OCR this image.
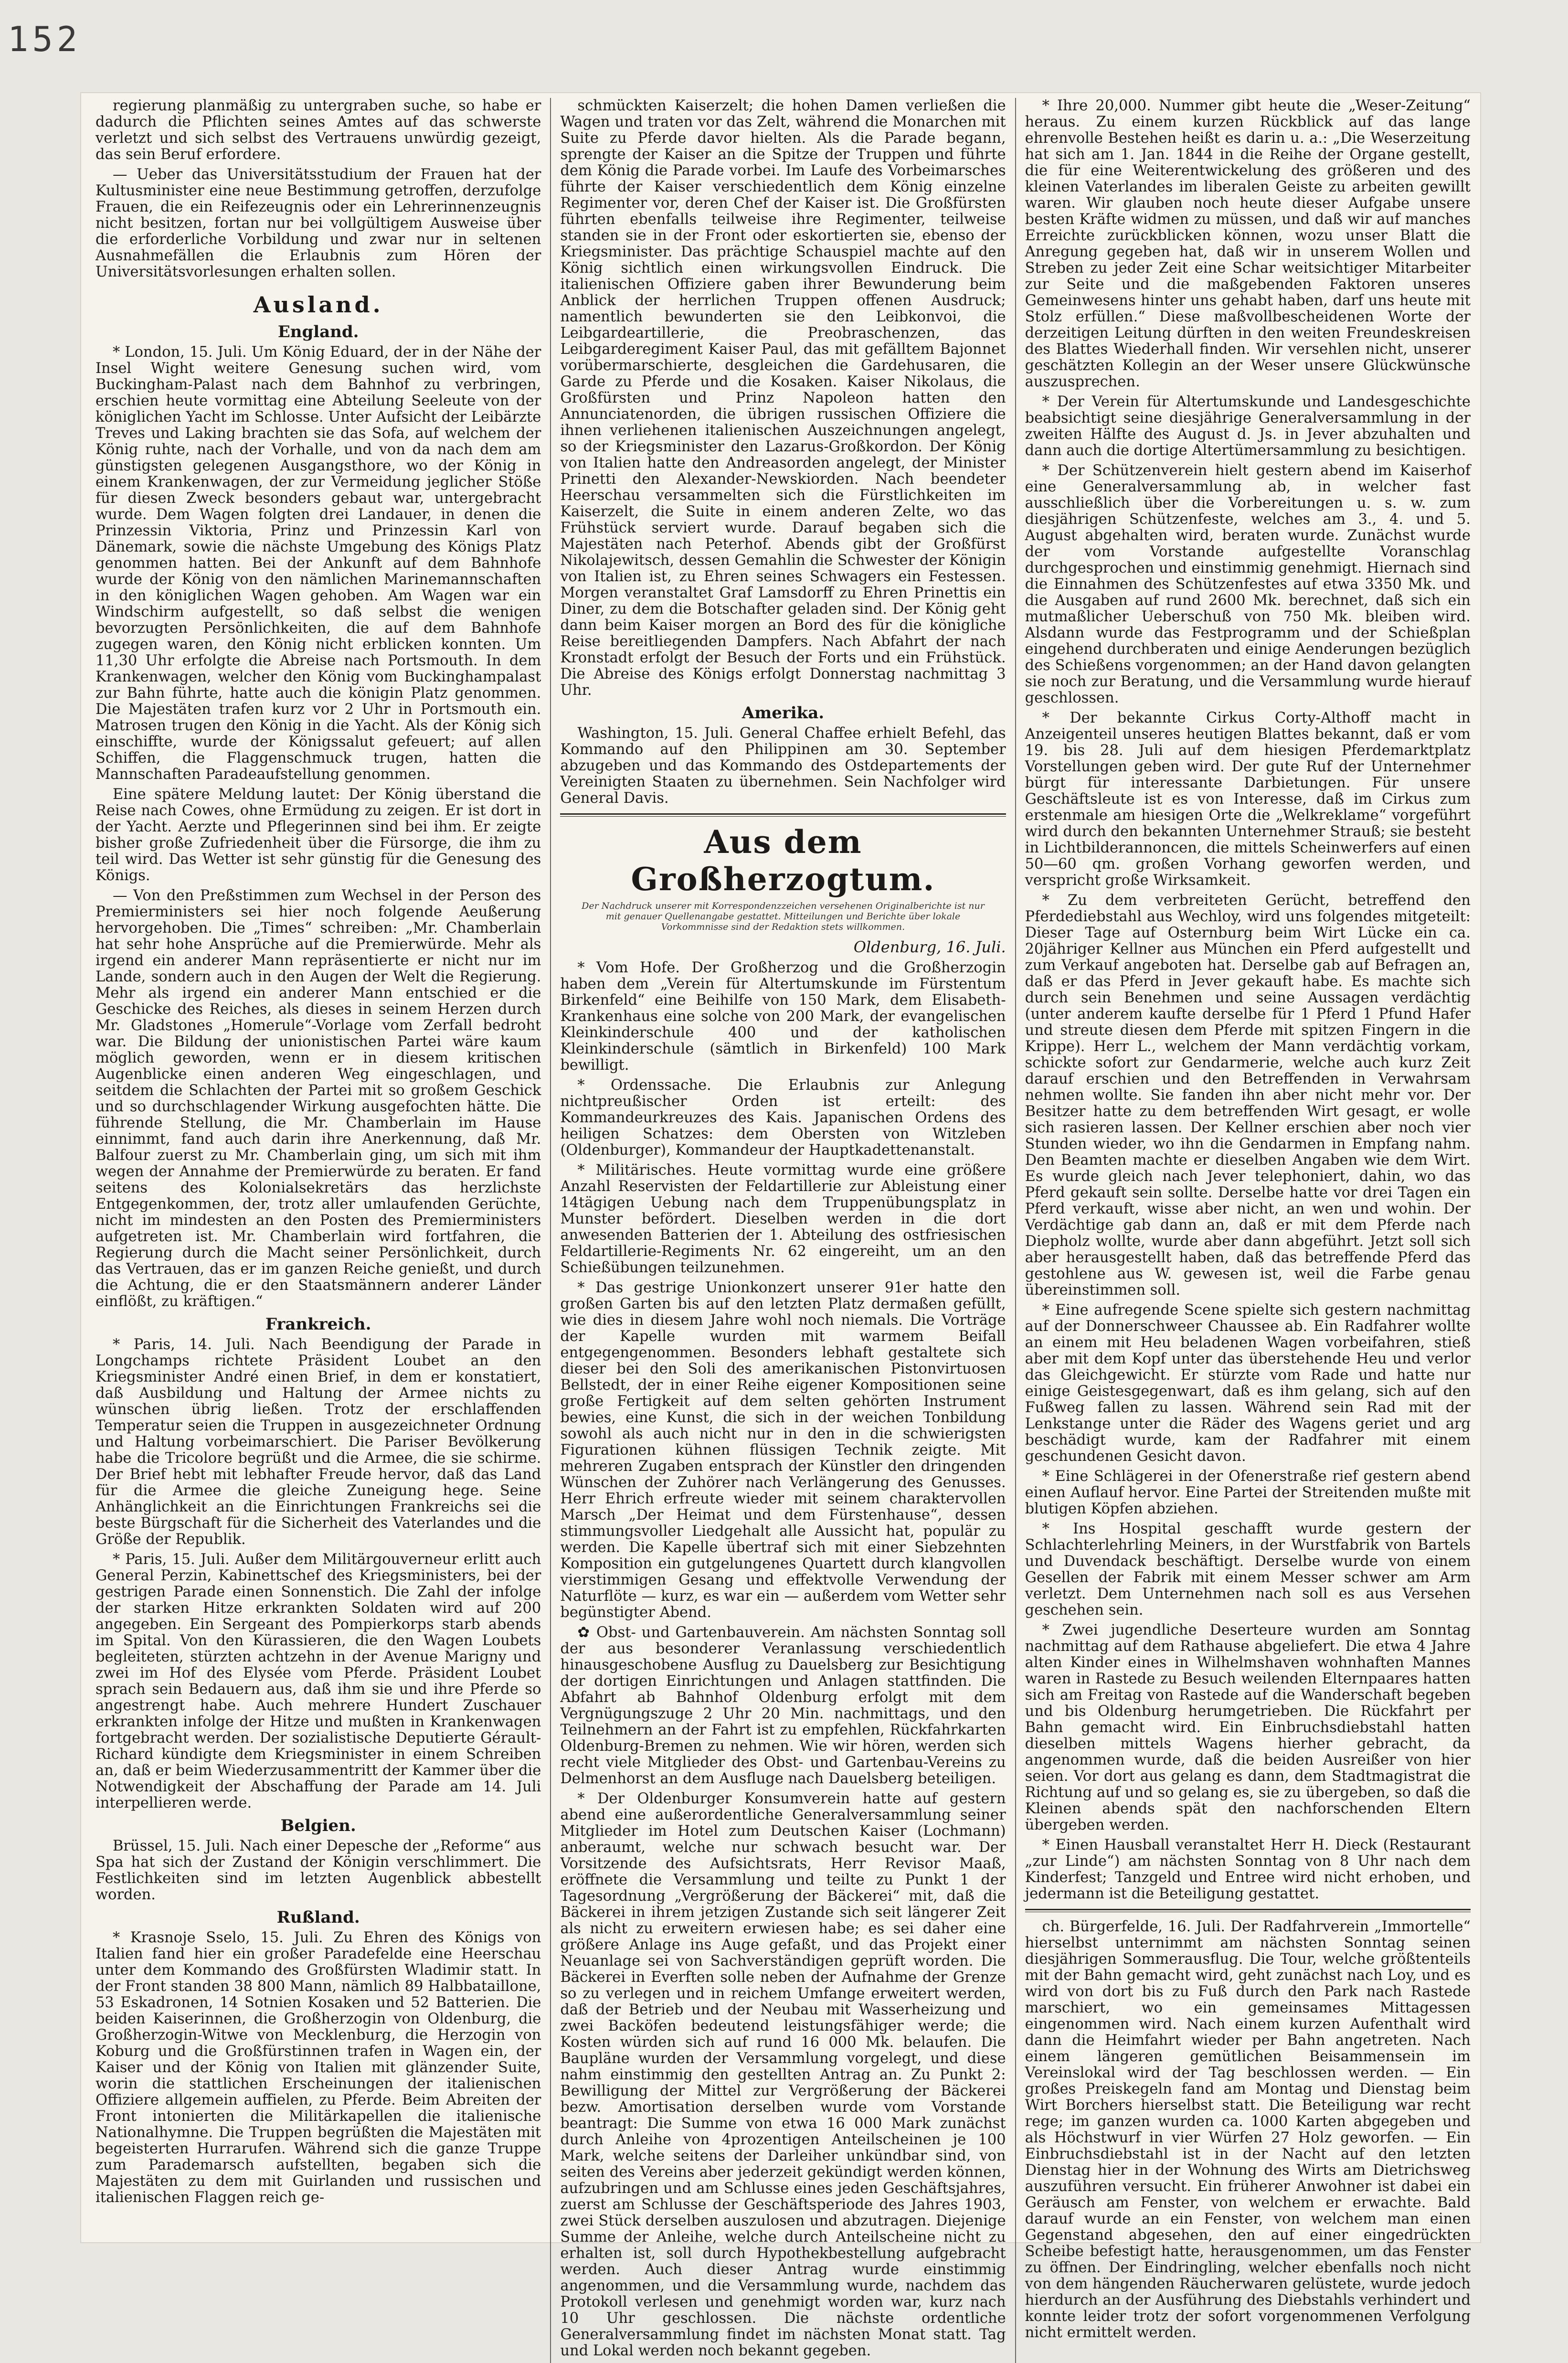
152

regierung planmäßig zu untergraben suche, so habe er dadurch die Pflichten seines Amtes auf das schwerste verletzt und sich selbst des Vertrauens unwürdig gezeigt, das sein Beruf erfordere.

— Ueber das Universitätsstudium der Frauen hat der Kultusminister eine neue Bestimmung getroffen, derzufolge Frauen, die ein Reifezeugnis oder ein Lehrerinnenzeugnis nicht besitzen, fortan nur bei vollgültigem Ausweise über die erforderliche Vorbildung und zwar nur in seltenen Ausnahmefällen die Erlaubnis zum Hören der Universitätsvorlesungen erhalten sollen.

Ausland.
England.

* London, 15. Juli. Um König Eduard, der in der Nähe der Insel Wight weitere Genesung suchen wird, vom Buckingham-Palast nach dem Bahnhof zu verbringen, erschien heute vormittag eine Abteilung Seeleute von der königlichen Yacht im Schlosse. Unter Aufsicht der Leibärzte Treves und Laking brachten sie das Sofa, auf welchem der König ruhte, nach der Vorhalle, und von da nach dem am günstigsten gelegenen Ausgangsthore, wo der König in einem Krankenwagen, der zur Vermeidung jeglicher Stöße für diesen Zweck besonders gebaut war, untergebracht wurde. Dem Wagen folgten drei Landauer, in denen die Prinzessin Viktoria, Prinz und Prinzessin Karl von Dänemark, sowie die nächste Umgebung des Königs Platz genommen hatten. Bei der Ankunft auf dem Bahnhofe wurde der König von den nämlichen Marinemannschaften in den königlichen Wagen gehoben. Am Wagen war ein Windschirm aufgestellt, so daß selbst die wenigen bevorzugten Persönlichkeiten, die auf dem Bahnhofe zugegen waren, den König nicht erblicken konnten. Um 11,30 Uhr erfolgte die Abreise nach Portsmouth. In dem Krankenwagen, welcher den König vom Buckinghampalast zur Bahn führte, hatte auch die königin Platz genommen. Die Majestäten trafen kurz vor 2 Uhr in Portsmouth ein. Matrosen trugen den König in die Yacht. Als der König sich einschiffte, wurde der Königssalut gefeuert; auf allen Schiffen, die Flaggenschmuck trugen, hatten die Mannschaften Paradeaufstellung genommen.

Eine spätere Meldung lautet: Der König überstand die Reise nach Cowes, ohne Ermüdung zu zeigen. Er ist dort in der Yacht. Aerzte und Pflegerinnen sind bei ihm. Er zeigte bisher große Zufriedenheit über die Fürsorge, die ihm zu teil wird. Das Wetter ist sehr günstig für die Genesung des Königs.

— Von den Preßstimmen zum Wechsel in der Person des Premierministers sei hier noch folgende Aeußerung hervorgehoben. Die „Times“ schreiben: „Mr. Chamberlain hat sehr hohe Ansprüche auf die Premierwürde. Mehr als irgend ein anderer Mann repräsentierte er nicht nur im Lande, sondern auch in den Augen der Welt die Regierung. Mehr als irgend ein anderer Mann entschied er die Geschicke des Reiches, als dieses in seinem Herzen durch Mr. Gladstones „Homerule“-Vorlage vom Zerfall bedroht war. Die Bildung der unionistischen Partei wäre kaum möglich geworden, wenn er in diesem kritischen Augenblicke einen anderen Weg eingeschlagen, und seitdem die Schlachten der Partei mit so großem Geschick und so durchschlagender Wirkung ausgefochten hätte. Die führende Stellung, die Mr. Chamberlain im Hause einnimmt, fand auch darin ihre Anerkennung, daß Mr. Balfour zuerst zu Mr. Chamberlain ging, um sich mit ihm wegen der Annahme der Premierwürde zu beraten. Er fand seitens des Kolonialsekretärs das herzlichste Entgegenkommen, der, trotz aller umlaufenden Gerüchte, nicht im mindesten an den Posten des Premierministers aufgetreten ist. Mr. Chamberlain wird fortfahren, die Regierung durch die Macht seiner Persönlichkeit, durch das Vertrauen, das er im ganzen Reiche genießt, und durch die Achtung, die er den Staatsmännern anderer Länder einflößt, zu kräftigen.“

Frankreich.

* Paris, 14. Juli. Nach Beendigung der Parade in Longchamps richtete Präsident Loubet an den Kriegsminister André einen Brief, in dem er konstatiert, daß Ausbildung und Haltung der Armee nichts zu wünschen übrig ließen. Trotz der erschlaffenden Temperatur seien die Truppen in ausgezeichneter Ordnung und Haltung vorbeimarschiert. Die Pariser Bevölkerung habe die Tricolore begrüßt und die Armee, die sie schirme. Der Brief hebt mit lebhafter Freude hervor, daß das Land für die Armee die gleiche Zuneigung hege. Seine Anhänglichkeit an die Einrichtungen Frankreichs sei die beste Bürgschaft für die Sicherheit des Vaterlandes und die Größe der Republik.

* Paris, 15. Juli. Außer dem Militärgouverneur erlitt auch General Perzin, Kabinettschef des Kriegsministers, bei der gestrigen Parade einen Sonnenstich. Die Zahl der infolge der starken Hitze erkrankten Soldaten wird auf 200 angegeben. Ein Sergeant des Pompierkorps starb abends im Spital. Von den Kürassieren, die den Wagen Loubets begleiteten, stürzten achtzehn in der Avenue Marigny und zwei im Hof des Elysée vom Pferde. Präsident Loubet sprach sein Bedauern aus, daß ihm sie und ihre Pferde so angestrengt habe. Auch mehrere Hundert Zuschauer erkrankten infolge der Hitze und mußten in Krankenwagen fortgebracht werden. Der sozialistische Deputierte Gérault-Richard kündigte dem Kriegsminister in einem Schreiben an, daß er beim Wiederzusammentritt der Kammer über die Notwendigkeit der Abschaffung der Parade am 14. Juli interpellieren werde.

Belgien.

Brüssel, 15. Juli. Nach einer Depesche der „Reforme“ aus Spa hat sich der Zustand der Königin verschlimmert. Die Festlichkeiten sind im letzten Augenblick abbestellt worden.

Rußland.

* Krasnoje Sselo, 15. Juli. Zu Ehren des Königs von Italien fand hier ein großer Paradefelde eine Heerschau unter dem Kommando des Großfürsten Wladimir statt. In der Front standen 38 800 Mann, nämlich 89 Halbbataillone, 53 Eskadronen, 14 Sotnien Kosaken und 52 Batterien. Die beiden Kaiserinnen, die Großherzogin von Oldenburg, die Großherzogin-Witwe von Mecklenburg, die Herzogin von Koburg und die Großfürstinnen trafen in Wagen ein, der Kaiser und der König von Italien mit glänzender Suite, worin die stattlichen Erscheinungen der italienischen Offiziere allgemein auffielen, zu Pferde. Beim Abreiten der Front intonierten die Militärkapellen die italienische Nationalhymne. Die Truppen begrüßten die Majestäten mit begeisterten Hurrarufen. Während sich die ganze Truppe zum Parademarsch aufstellten, begaben sich die Majestäten zu dem mit Guirlanden und russischen und italienischen Flaggen reich ge-

schmückten Kaiserzelt; die hohen Damen verließen die Wagen und traten vor das Zelt, während die Monarchen mit Suite zu Pferde davor hielten. Als die Parade begann, sprengte der Kaiser an die Spitze der Truppen und führte dem König die Parade vorbei. Im Laufe des Vorbeimarsches führte der Kaiser verschiedentlich dem König einzelne Regimenter vor, deren Chef der Kaiser ist. Die Großfürsten führten ebenfalls teilweise ihre Regimenter, teilweise standen sie in der Front oder eskortierten sie, ebenso der Kriegsminister. Das prächtige Schauspiel machte auf den König sichtlich einen wirkungsvollen Eindruck. Die italienischen Offiziere gaben ihrer Bewunderung beim Anblick der herrlichen Truppen offenen Ausdruck; namentlich bewunderten sie den Leibkonvoi, die Leibgardeartillerie, die Preobraschenzen, das Leibgarderegiment Kaiser Paul, das mit gefälltem Bajonnet vorübermarschierte, desgleichen die Gardehusaren, die Garde zu Pferde und die Kosaken. Kaiser Nikolaus, die Großfürsten und Prinz Napoleon hatten den Annunciatenorden, die übrigen russischen Offiziere die ihnen verliehenen italienischen Auszeichnungen angelegt, so der Kriegsminister den Lazarus-Großkordon. Der König von Italien hatte den Andreasorden angelegt, der Minister Prinetti den Alexander-Newskiorden. Nach beendeter Heerschau versammelten sich die Fürstlichkeiten im Kaiserzelt, die Suite in einem anderen Zelte, wo das Frühstück serviert wurde. Darauf begaben sich die Majestäten nach Peterhof. Abends gibt der Großfürst Nikolajewitsch, dessen Gemahlin die Schwester der Königin von Italien ist, zu Ehren seines Schwagers ein Festessen. Morgen veranstaltet Graf Lamsdorff zu Ehren Prinettis ein Diner, zu dem die Botschafter geladen sind. Der König geht dann beim Kaiser morgen an Bord des für die königliche Reise bereitliegenden Dampfers. Nach Abfahrt der nach Kronstadt erfolgt der Besuch der Forts und ein Frühstück. Die Abreise des Königs erfolgt Donnerstag nachmittag 3 Uhr.

Amerika.

Washington, 15. Juli. General Chaffee erhielt Befehl, das Kommando auf den Philippinen am 30. September abzugeben und das Kommando des Ostdepartements der Vereinigten Staaten zu übernehmen. Sein Nachfolger wird General Davis.

Aus dem Großherzogtum.
Der Nachdruck unserer mit Korrespondenzzeichen versehenen Originalberichte ist nur mit genauer Quellenangabe gestattet. Mitteilungen und Berichte über lokale Vorkommnisse sind der Redaktion stets willkommen.
Oldenburg, 16. Juli.

* Vom Hofe. Der Großherzog und die Großherzogin haben dem „Verein für Altertumskunde im Fürstentum Birkenfeld“ eine Beihilfe von 150 Mark, dem Elisabeth-Krankenhaus eine solche von 200 Mark, der evangelischen Kleinkinderschule 400 und der katholischen Kleinkinderschule (sämtlich in Birkenfeld) 100 Mark bewilligt.

* Ordenssache. Die Erlaubnis zur Anlegung nichtpreußischer Orden ist erteilt: des Kommandeurkreuzes des Kais. Japanischen Ordens des heiligen Schatzes: dem Obersten von Witzleben (Oldenburger), Kommandeur der Hauptkadettenanstalt.

* Militärisches. Heute vormittag wurde eine größere Anzahl Reservisten der Feldartillerie zur Ableistung einer 14tägigen Uebung nach dem Truppenübungsplatz in Munster befördert. Dieselben werden in die dort anwesenden Batterien der 1. Abteilung des ostfriesischen Feldartillerie-Regiments Nr. 62 eingereiht, um an den Schießübungen teilzunehmen.

* Das gestrige Unionkonzert unserer 91er hatte den großen Garten bis auf den letzten Platz dermaßen gefüllt, wie dies in diesem Jahre wohl noch niemals. Die Vorträge der Kapelle wurden mit warmem Beifall entgegengenommen. Besonders lebhaft gestaltete sich dieser bei den Soli des amerikanischen Pistonvirtuosen Bellstedt, der in einer Reihe eigener Kompositionen seine große Fertigkeit auf dem selten gehörten Instrument bewies, eine Kunst, die sich in der weichen Tonbildung sowohl als auch nicht nur in den in die schwierigsten Figurationen kühnen flüssigen Technik zeigte. Mit mehreren Zugaben entsprach der Künstler den dringenden Wünschen der Zuhörer nach Verlängerung des Genusses. Herr Ehrich erfreute wieder mit seinem charaktervollen Marsch „Der Heimat und dem Fürstenhause“, dessen stimmungsvoller Liedgehalt alle Aussicht hat, populär zu werden. Die Kapelle übertraf sich mit einer Siebzehnten Komposition ein gutgelungenes Quartett durch klangvollen vierstimmigen Gesang und effektvolle Verwendung der Naturflöte — kurz, es war ein — außerdem vom Wetter sehr begünstigter Abend.

✿ Obst- und Gartenbauverein. Am nächsten Sonntag soll der aus besonderer Veranlassung verschiedentlich hinausgeschobene Ausflug zu Dauelsberg zur Besichtigung der dortigen Einrichtungen und Anlagen stattfinden. Die Abfahrt ab Bahnhof Oldenburg erfolgt mit dem Vergnügungszuge 2 Uhr 20 Min. nachmittags, und den Teilnehmern an der Fahrt ist zu empfehlen, Rückfahrkarten Oldenburg-Bremen zu nehmen. Wie wir hören, werden sich recht viele Mitglieder des Obst- und Gartenbau-Vereins zu Delmenhorst an dem Ausfluge nach Dauelsberg beteiligen.

* Der Oldenburger Konsumverein hatte auf gestern abend eine außerordentliche Generalversammlung seiner Mitglieder im Hotel zum Deutschen Kaiser (Lochmann) anberaumt, welche nur schwach besucht war. Der Vorsitzende des Aufsichtsrats, Herr Revisor Maaß, eröffnete die Versammlung und teilte zu Punkt 1 der Tagesordnung „Vergrößerung der Bäckerei“ mit, daß die Bäckerei in ihrem jetzigen Zustande sich seit längerer Zeit als nicht zu erweitern erwiesen habe; es sei daher eine größere Anlage ins Auge gefaßt, und das Projekt einer Neuanlage sei von Sachverständigen geprüft worden. Die Bäckerei in Everften solle neben der Aufnahme der Grenze so zu verlegen und in reichem Umfange erweitert werden, daß der Betrieb und der Neubau mit Wasserheizung und zwei Backöfen bedeutend leistungsfähiger werde; die Kosten würden sich auf rund 16 000 Mk. belaufen. Die Baupläne wurden der Versammlung vorgelegt, und diese nahm einstimmig den gestellten Antrag an. Zu Punkt 2: Bewilligung der Mittel zur Vergrößerung der Bäckerei bezw. Amortisation derselben wurde vom Vorstande beantragt: Die Summe von etwa 16 000 Mark zunächst durch Anleihe von 4prozentigen Anteilscheinen je 100 Mark, welche seitens der Darleiher unkündbar sind, von seiten des Vereins aber jederzeit gekündigt werden können, aufzubringen und am Schlusse eines jeden Geschäftsjahres, zuerst am Schlusse der Geschäftsperiode des Jahres 1903, zwei Stück derselben auszulosen und abzutragen. Diejenige Summe der Anleihe, welche durch Anteilscheine nicht zu erhalten ist, soll durch Hypothekbestellung aufgebracht werden. Auch dieser Antrag wurde einstimmig angenommen, und die Versammlung wurde, nachdem das Protokoll verlesen und genehmigt worden war, kurz nach 10 Uhr geschlossen. Die nächste ordentliche Generalversammlung findet im nächsten Monat statt. Tag und Lokal werden noch bekannt gegeben.

* Ihre 20,000. Nummer gibt heute die „Weser-Zeitung“ heraus. Zu einem kurzen Rückblick auf das lange ehrenvolle Bestehen heißt es darin u. a.: „Die Weserzeitung hat sich am 1. Jan. 1844 in die Reihe der Organe gestellt, die für eine Weiterentwickelung des größeren und des kleinen Vaterlandes im liberalen Geiste zu arbeiten gewillt waren. Wir glauben noch heute dieser Aufgabe unsere besten Kräfte widmen zu müssen, und daß wir auf manches Erreichte zurückblicken können, wozu unser Blatt die Anregung gegeben hat, daß wir in unserem Wollen und Streben zu jeder Zeit eine Schar weitsichtiger Mitarbeiter zur Seite und die maßgebenden Faktoren unseres Gemeinwesens hinter uns gehabt haben, darf uns heute mit Stolz erfüllen.“ Diese maßvollbescheidenen Worte der derzeitigen Leitung dürften in den weiten Freundeskreisen des Blattes Wiederhall finden. Wir versehlen nicht, unserer geschätzten Kollegin an der Weser unsere Glückwünsche auszusprechen.

* Der Verein für Altertumskunde und Landesgeschichte beabsichtigt seine diesjährige Generalversammlung in der zweiten Hälfte des August d. Js. in Jever abzuhalten und dann auch die dortige Altertümersammlung zu besichtigen.

* Der Schützenverein hielt gestern abend im Kaiserhof eine Generalversammlung ab, in welcher fast ausschließlich über die Vorbereitungen u. s. w. zum diesjährigen Schützenfeste, welches am 3., 4. und 5. August abgehalten wird, beraten wurde. Zunächst wurde der vom Vorstande aufgestellte Voranschlag durchgesprochen und einstimmig genehmigt. Hiernach sind die Einnahmen des Schützenfestes auf etwa 3350 Mk. und die Ausgaben auf rund 2600 Mk. berechnet, daß sich ein mutmaßlicher Ueberschuß von 750 Mk. bleiben wird. Alsdann wurde das Festprogramm und der Schießplan eingehend durchberaten und einige Aenderungen bezüglich des Schießens vorgenommen; an der Hand davon gelangten sie noch zur Beratung, und die Versammlung wurde hierauf geschlossen.

* Der bekannte Cirkus Corty-Althoff macht in Anzeigenteil unseres heutigen Blattes bekannt, daß er vom 19. bis 28. Juli auf dem hiesigen Pferdemarktplatz Vorstellungen geben wird. Der gute Ruf der Unternehmer bürgt für interessante Darbietungen. Für unsere Geschäftsleute ist es von Interesse, daß im Cirkus zum erstenmale am hiesigen Orte die „Welkreklame“ vorgeführt wird durch den bekannten Unternehmer Strauß; sie besteht in Lichtbilderannoncen, die mittels Scheinwerfers auf einen 50—60 qm. großen Vorhang geworfen werden, und verspricht große Wirksamkeit.

* Zu dem verbreiteten Gerücht, betreffend den Pferdediebstahl aus Wechloy, wird uns folgendes mitgeteilt: Dieser Tage auf Osternburg beim Wirt Lücke ein ca. 20jähriger Kellner aus München ein Pferd aufgestellt und zum Verkauf angeboten hat. Derselbe gab auf Befragen an, daß er das Pferd in Jever gekauft habe. Es machte sich durch sein Benehmen und seine Aussagen verdächtig (unter anderem kaufte derselbe für 1 Pferd 1 Pfund Hafer und streute diesen dem Pferde mit spitzen Fingern in die Krippe). Herr L., welchem der Mann verdächtig vorkam, schickte sofort zur Gendarmerie, welche auch kurz Zeit darauf erschien und den Betreffenden in Verwahrsam nehmen wollte. Sie fanden ihn aber nicht mehr vor. Der Besitzer hatte zu dem betreffenden Wirt gesagt, er wolle sich rasieren lassen. Der Kellner erschien aber noch vier Stunden wieder, wo ihn die Gendarmen in Empfang nahm. Den Beamten machte er dieselben Angaben wie dem Wirt. Es wurde gleich nach Jever telephoniert, dahin, wo das Pferd gekauft sein sollte. Derselbe hatte vor drei Tagen ein Pferd verkauft, wisse aber nicht, an wen und wohin. Der Verdächtige gab dann an, daß er mit dem Pferde nach Diepholz wollte, wurde aber dann abgeführt. Jetzt soll sich aber herausgestellt haben, daß das betreffende Pferd das gestohlene aus W. gewesen ist, weil die Farbe genau übereinstimmen soll.

* Eine aufregende Scene spielte sich gestern nachmittag auf der Donnerschweer Chaussee ab. Ein Radfahrer wollte an einem mit Heu beladenen Wagen vorbeifahren, stieß aber mit dem Kopf unter das überstehende Heu und verlor das Gleichgewicht. Er stürzte vom Rade und hatte nur einige Geistesgegenwart, daß es ihm gelang, sich auf den Fußweg fallen zu lassen. Während sein Rad mit der Lenkstange unter die Räder des Wagens geriet und arg beschädigt wurde, kam der Radfahrer mit einem geschundenen Gesicht davon.

* Eine Schlägerei in der Ofenerstraße rief gestern abend einen Auflauf hervor. Eine Partei der Streitenden mußte mit blutigen Köpfen abziehen.

* Ins Hospital geschafft wurde gestern der Schlachterlehrling Meiners, in der Wurstfabrik von Bartels und Duvendack beschäftigt. Derselbe wurde von einem Gesellen der Fabrik mit einem Messer schwer am Arm verletzt. Dem Unternehmen nach soll es aus Versehen geschehen sein.

* Zwei jugendliche Deserteure wurden am Sonntag nachmittag auf dem Rathause abgeliefert. Die etwa 4 Jahre alten Kinder eines in Wilhelmshaven wohnhaften Mannes waren in Rastede zu Besuch weilenden Elternpaares hatten sich am Freitag von Rastede auf die Wanderschaft begeben und bis Oldenburg herumgetrieben. Die Rückfahrt per Bahn gemacht wird. Ein Einbruchsdiebstahl hatten dieselben mittels Wagens hierher gebracht, da angenommen wurde, daß die beiden Ausreißer von hier seien. Vor dort aus gelang es dann, dem Stadtmagistrat die Richtung auf und so gelang es, sie zu übergeben, so daß die Kleinen abends spät den nachforschenden Eltern übergeben werden.

* Einen Hausball veranstaltet Herr H. Dieck (Restaurant „zur Linde“) am nächsten Sonntag von 8 Uhr nach dem Kinderfest; Tanzgeld und Entree wird nicht erhoben, und jedermann ist die Beteiligung gestattet.

ch. Bürgerfelde, 16. Juli. Der Radfahrverein „Immortelle“ hierselbst unternimmt am nächsten Sonntag seinen diesjährigen Sommerausflug. Die Tour, welche größtenteils mit der Bahn gemacht wird, geht zunächst nach Loy, und es wird von dort bis zu Fuß durch den Park nach Rastede marschiert, wo ein gemeinsames Mittagessen eingenommen wird. Nach einem kurzen Aufenthalt wird dann die Heimfahrt wieder per Bahn angetreten. Nach einem längeren gemütlichen Beisammensein im Vereinslokal wird der Tag beschlossen werden. — Ein großes Preiskegeln fand am Montag und Dienstag beim Wirt Borchers hierselbst statt. Die Beteiligung war recht rege; im ganzen wurden ca. 1000 Karten abgegeben und als Höchstwurf in vier Würfen 27 Holz geworfen. — Ein Einbruchsdiebstahl ist in der Nacht auf den letzten Dienstag hier in der Wohnung des Wirts am Dietrichsweg auszuführen versucht. Ein früherer Anwohner ist dabei ein Geräusch am Fenster, von welchem er erwachte. Bald darauf wurde an ein Fenster, von welchem man einen Gegenstand abgesehen, den auf einer eingedrückten Scheibe befestigt hatte, herausgenommen, um das Fenster zu öffnen. Der Eindringling, welcher ebenfalls noch nicht von dem hängenden Räucherwaren gelüstete, wurde jedoch hierdurch an der Ausführung des Diebstahls verhindert und konnte leider trotz der sofort vorgenommenen Verfolgung nicht ermittelt werden.
